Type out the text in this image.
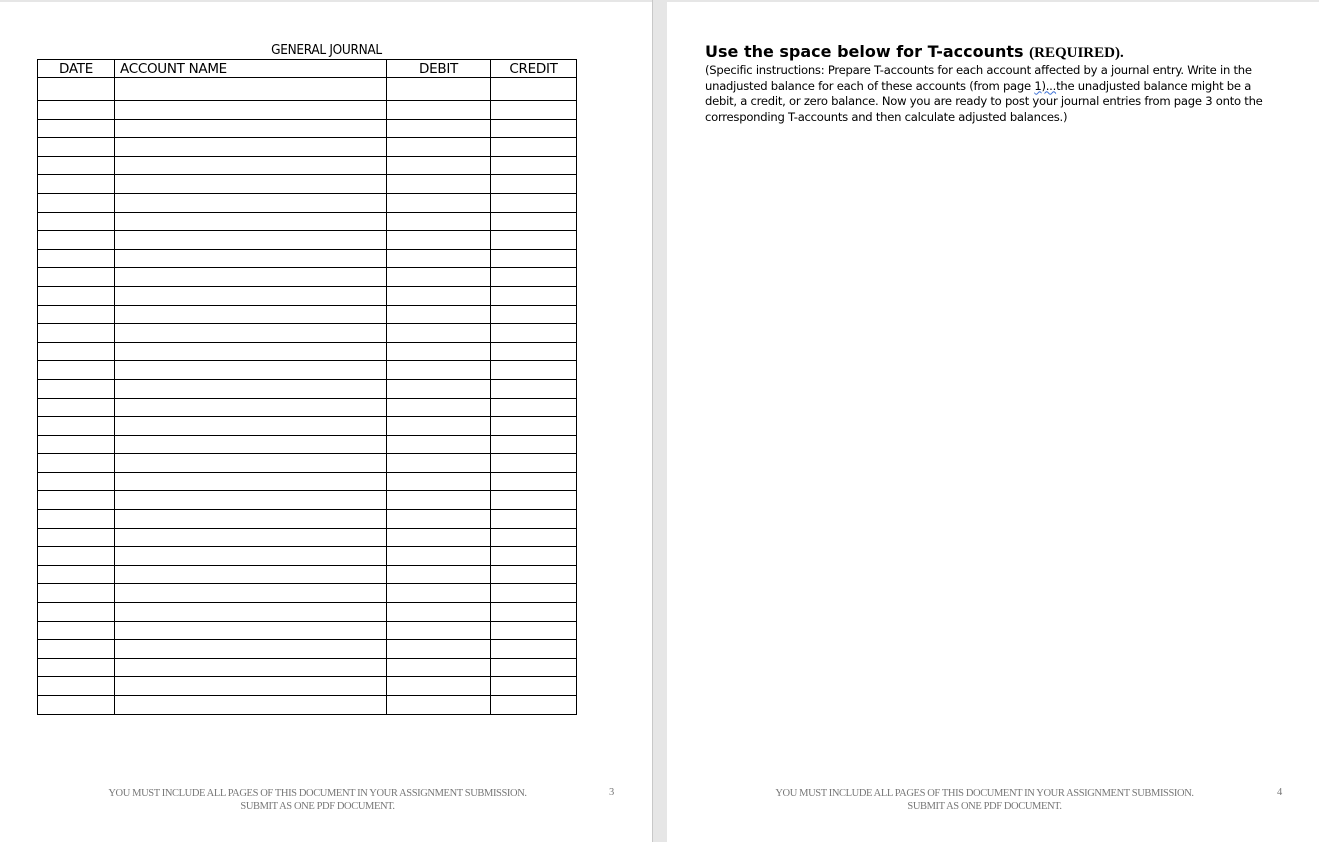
GENERAL JOURNAL
DATE	ACCOUNT NAME	DEBIT	CREDIT

YOU MUST INCLUDE ALL PAGES OF THIS DOCUMENT IN YOUR ASSIGNMENT SUBMISSION.
SUBMIT AS ONE PDF DOCUMENT.
3
Use the space below for T-accounts (REQUIRED).
(Specific instructions: Prepare T-accounts for each account affected by a journal entry. Write in the unadjusted balance for each of these accounts (from page 1)...the unadjusted balance might be a debit, a credit, or zero balance. Now you are ready to post your journal entries from page 3 onto the corresponding T-accounts and then calculate adjusted balances.)
YOU MUST INCLUDE ALL PAGES OF THIS DOCUMENT IN YOUR ASSIGNMENT SUBMISSION.
SUBMIT AS ONE PDF DOCUMENT.
4
